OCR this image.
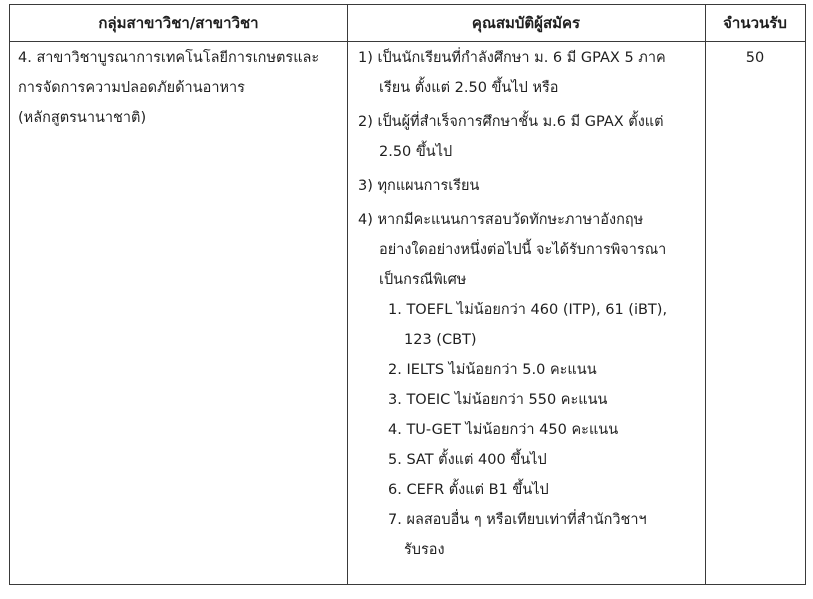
กลุ่มสาขาวิชา/สาขาวิชา	คุณสมบัติผู้สมัคร	จำนวนรับ
4. สาขาวิชาบูรณาการเทคโนโลยีการเกษตรและ
การจัดการความปลอดภัยด้านอาหาร
(หลักสูตรนานาชาติ)
1) เป็นนักเรียนที่กำลังศึกษา ม. 6 มี GPAX 5 ภาค
เรียน ตั้งแต่ 2.50 ขึ้นไป หรือ
2) เป็นผู้ที่สำเร็จการศึกษาชั้น ม.6 มี GPAX ตั้งแต่
2.50 ขึ้นไป
3) ทุกแผนการเรียน
4) หากมีคะแนนการสอบวัดทักษะภาษาอังกฤษ
อย่างใดอย่างหนึ่งต่อไปนี้ จะได้รับการพิจารณา
เป็นกรณีพิเศษ
1. TOEFL ไม่น้อยกว่า 460 (ITP), 61 (iBT),
123 (CBT)
2. IELTS ไม่น้อยกว่า 5.0 คะแนน
3. TOEIC ไม่น้อยกว่า 550 คะแนน
4. TU-GET ไม่น้อยกว่า 450 คะแนน
5. SAT ตั้งแต่ 400 ขึ้นไป
6. CEFR ตั้งแต่ B1 ขึ้นไป
7. ผลสอบอื่น ๆ หรือเทียบเท่าที่สำนักวิชาฯ
รับรอง
50
